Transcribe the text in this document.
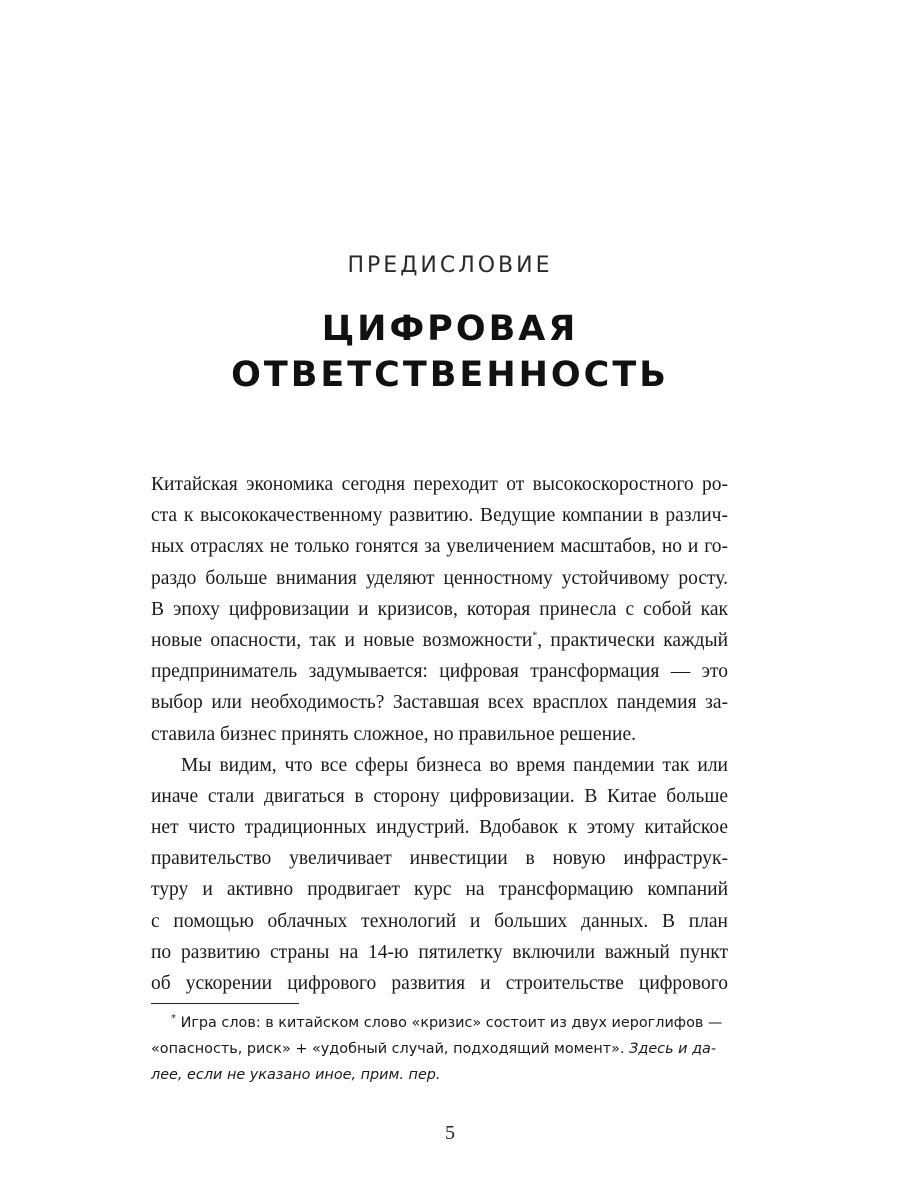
ПРЕДИСЛОВИЕ
ЦИФРОВАЯ
ОТВЕТСТВЕННОСТЬ
Китайская экономика сегодня переходит от высокоскоростного ро-
ста к высококачественному развитию. Ведущие компании в различ-
ных отраслях не только гонятся за увеличением масштабов, но и го-
раздо больше внимания уделяют ценностному устойчивому росту.
В эпоху цифровизации и кризисов, которая принесла с собой как
новые опасности, так и новые возможности*, практически каждый
предприниматель задумывается: цифровая трансформация — это
выбор или необходимость? Заставшая всех врасплох пандемия за-
ставила бизнес принять сложное, но правильное решение.
Мы видим, что все сферы бизнеса во время пандемии так или
иначе стали двигаться в сторону цифровизации. В Китае больше
нет чисто традиционных индустрий. Вдобавок к этому китайское
правительство увеличивает инвестиции в новую инфраструк-
туру и активно продвигает курс на трансформацию компаний
с помощью облачных технологий и больших данных. В план
по развитию страны на 14-ю пятилетку включили важный пункт
об ускорении цифрового развития и строительстве цифрового
* Игра слов: в китайском слово «кризис» состоит из двух иероглифов —
«опасность, риск» + «удобный случай, подходящий момент». Здесь и да-
лее, если не указано иное, прим. пер.
5
